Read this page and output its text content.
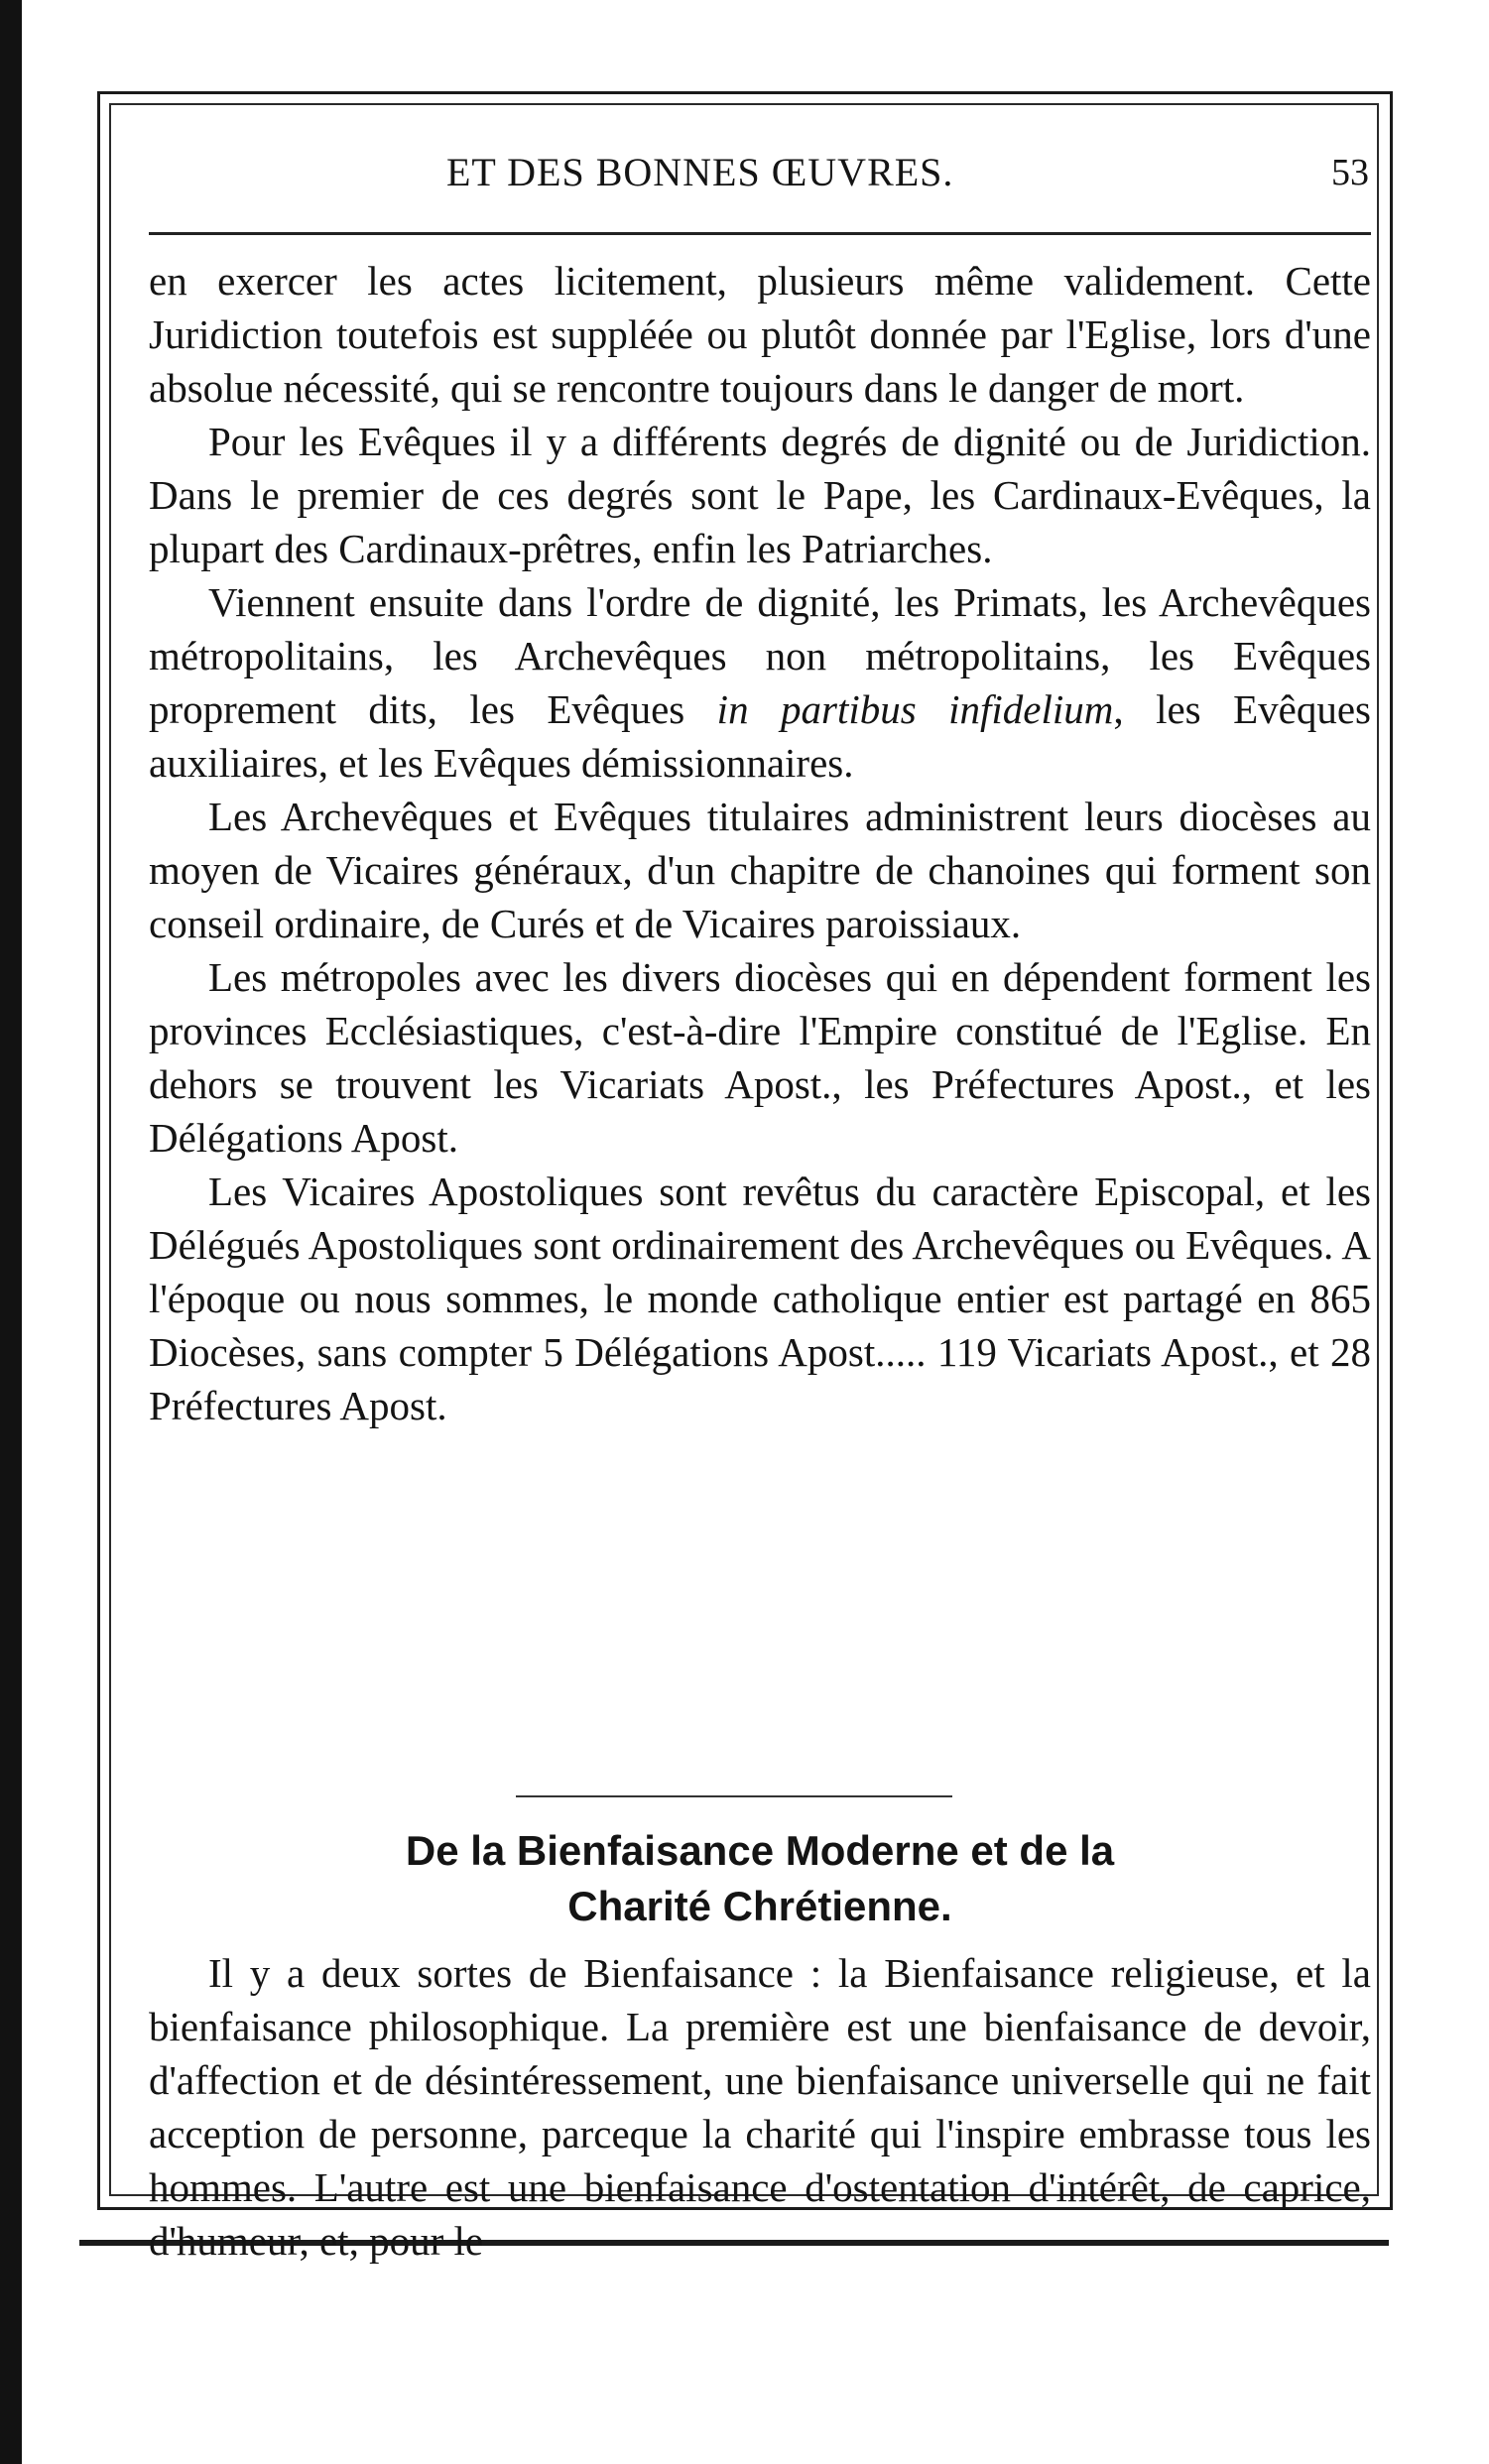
ET DES BONNES ŒUVRES.	53

en exercer les actes licitement, plusieurs même validement. Cette Juridiction toutefois est suppléée ou plutôt donnée par l'Eglise, lors d'une absolue nécessité, qui se rencontre toujours dans le danger de mort.

Pour les Evêques il y a différents degrés de dignité ou de Juridiction. Dans le premier de ces degrés sont le Pape, les Cardinaux-Evêques, la plupart des Cardinaux-prêtres, enfin les Patriarches.

Viennent ensuite dans l'ordre de dignité, les Primats, les Archevêques métropolitains, les Archevêques non métropolitains, les Evêques proprement dits, les Evêques in partibus infidelium, les Evêques auxiliaires, et les Evêques démissionnaires.

Les Archevêques et Evêques titulaires administrent leurs diocèses au moyen de Vicaires généraux, d'un chapitre de chanoines qui forment son conseil ordinaire, de Curés et de Vicaires paroissiaux.

Les métropoles avec les divers diocèses qui en dépendent forment les provinces Ecclésiastiques, c'est-à-dire l'Empire constitué de l'Eglise. En dehors se trouvent les Vicariats Apost., les Préfectures Apost., et les Délégations Apost.

Les Vicaires Apostoliques sont revêtus du caractère Episcopal, et les Délégués Apostoliques sont ordinairement des Archevêques ou Evêques. A l'époque ou nous sommes, le monde catholique entier est partagé en 865 Diocèses, sans compter 5 Délégations Apost..... 119 Vicariats Apost., et 28 Préfectures Apost.

De la Bienfaisance Moderne et de la
Charité Chrétienne.

Il y a deux sortes de Bienfaisance : la Bienfaisance religieuse, et la bienfaisance philosophique. La première est une bienfaisance de devoir, d'affection et de désintéressement, une bienfaisance universelle qui ne fait acception de personne, parceque la charité qui l'inspire embrasse tous les hommes. L'autre est une bienfaisance d'ostentation d'intérêt, de caprice, d'humeur, et, pour le
